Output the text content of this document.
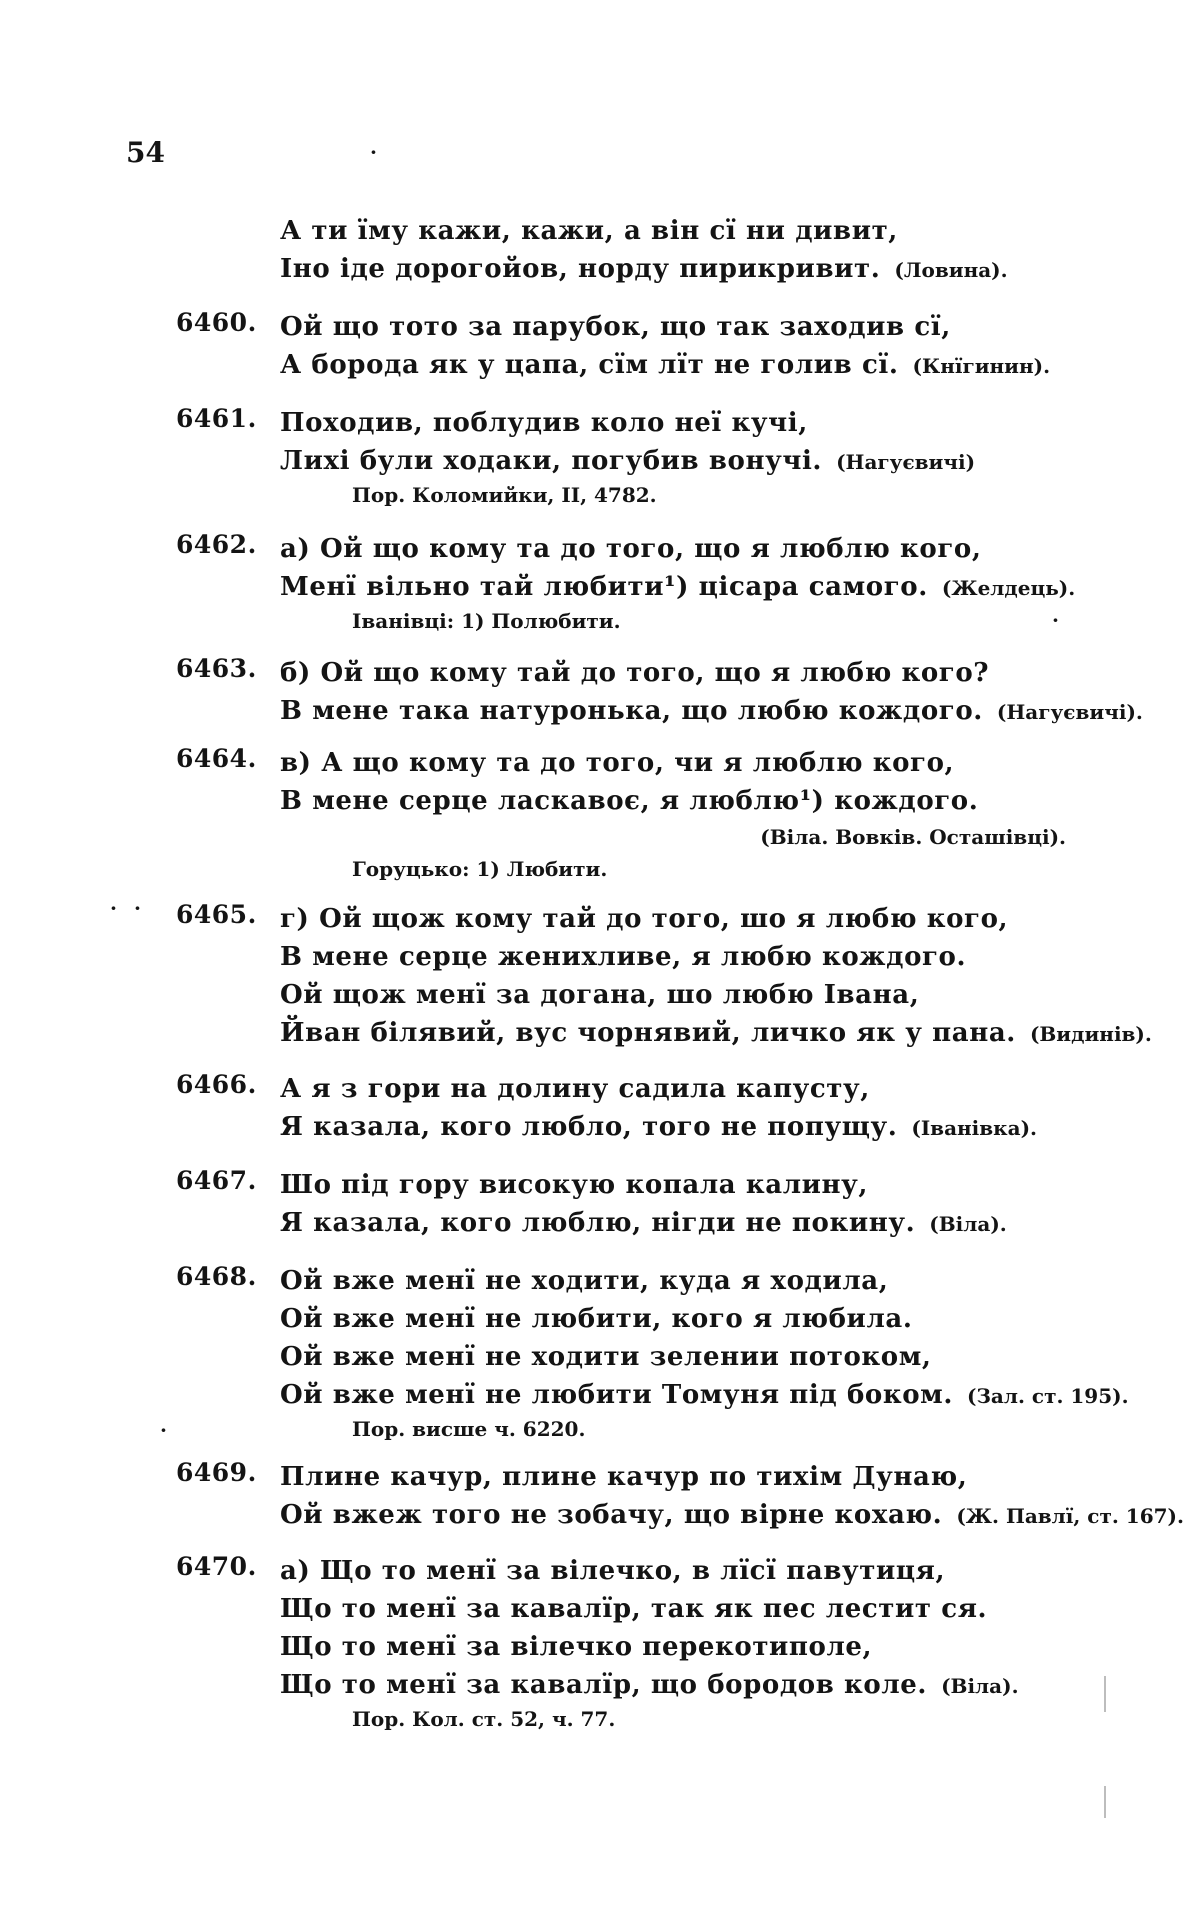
54	·
· ·
·
·
А ти їму кажи, кажи, а він сї ни дивит,
Іно іде дорогойов, норду пирикривит. (Ловина).
6460. Ой що тото за парубок, що так заходив сї,
А борода як у цапа, сїм лїт не голив сї. (Кнїгинин).
6461. Походив, поблудив коло неї кучі,
Лихі були ходаки, погубив вонучі. (Нагуєвичі)
Пор. Коломийки, II, 4782.
6462. а) Ой що кому та до того, що я люблю кого,
Менї вільно тай любити¹) цісара самого. (Желдець).
Іванівці: 1) Полюбити.
6463. б) Ой що кому тай до того, що я любю кого?
В мене така натуронька, що любю кождого. (Нагуєвичі).
6464. в) А що кому та до того, чи я люблю кого,
В мене серце ласкавоє, я люблю¹) кождого.
(Віла. Вовків. Осташівці).
Горуцько: 1) Любити.
6465. г) Ой щож кому тай до того, шо я любю кого,
В мене серце жениxливе, я любю кождого.
Ой щож менї за догана, шо любю Івана,
Йван білявий, вус чорнявий, личко як у пана. (Видинів).
6466. А я з гори на долину садила капусту,
Я казала, кого любло, того не попущу. (Іванівка).
6467. Шо під гору високую копала калину,
Я казала, кого люблю, нігди не покину. (Віла).
6468. Ой вже менї не ходити, куда я ходила,
Ой вже менї не любити, кого я любила.
Ой вже менї не ходити зелении потоком,
Ой вже менї не любити Томуня під боком. (Зал. ст. 195).
Пор. висше ч. 6220.
6469. Плине качур, плине качур по тихім Дунаю,
Ой вжеж того не зобачу, що вірне кохаю. (Ж. Павлї, ст. 167).
6470. а) Що то менї за вілечко, в лїсї павутиця,
Що то менї за кавалїр, так як пес лестит ся.
Що то менї за вілечко перекотиполе,
Що то менї за кавалїр, що бородов коле. (Віла).
Пор. Кол. ст. 52, ч. 77.
